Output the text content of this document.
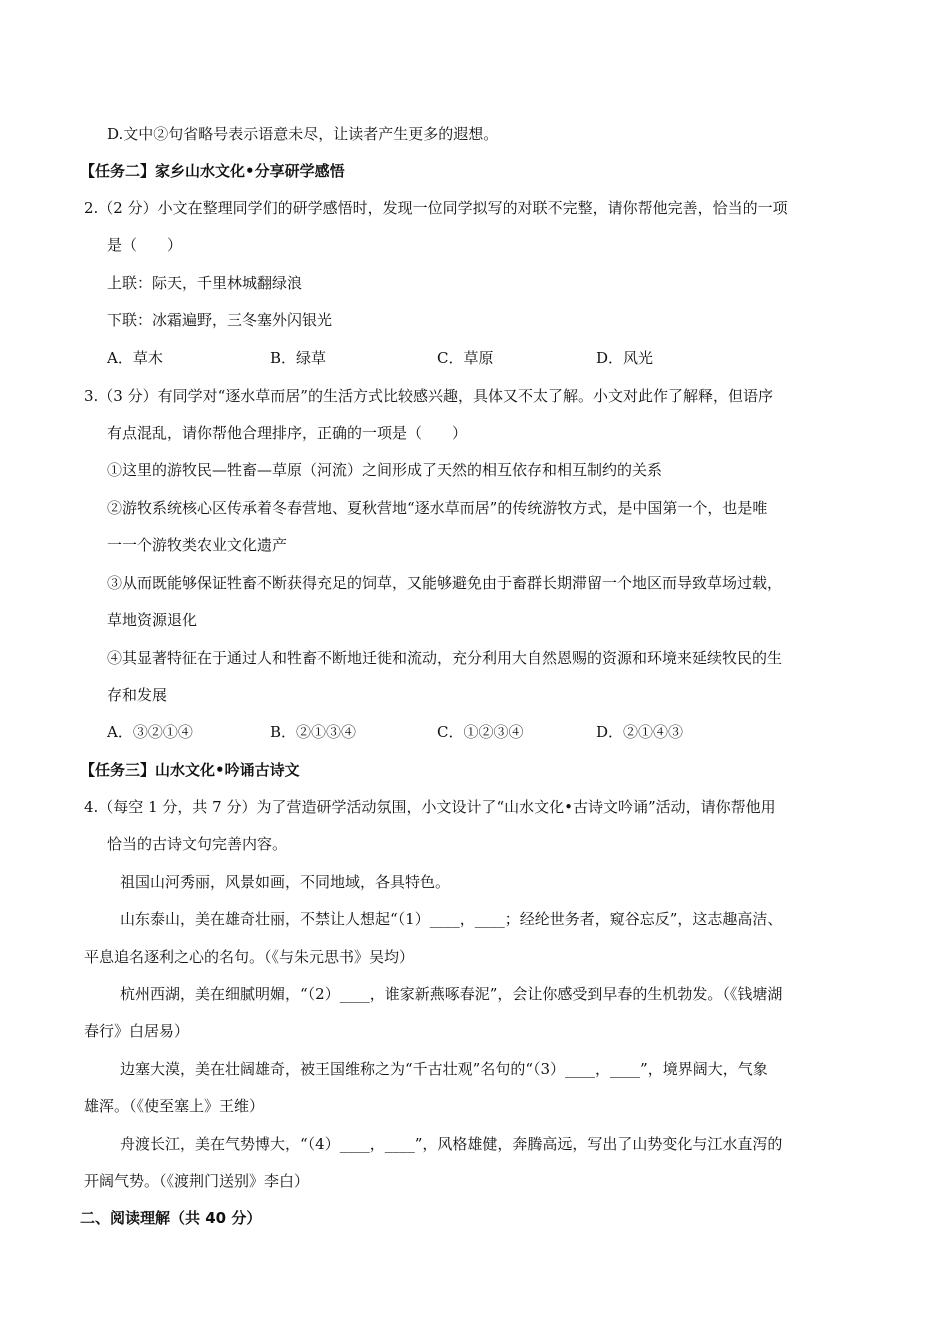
D.文中②句省略号表示语意未尽，让读者产生更多的遐想。
【任务二】家乡山水文化•分享研学感悟
2.（2 分）小文在整理同学们的研学感悟时，发现一位同学拟写的对联不完整，请你帮他完善，恰当的一项
是（　　）
上联：际天，千里林城翻绿浪
下联：冰霜遍野，三冬塞外闪银光
A．草木	B．绿草	C．草原	D．风光
3.（3 分）有同学对“逐水草而居”的生活方式比较感兴趣，具体又不太了解。小文对此作了解释，但语序
有点混乱，请你帮他合理排序，正确的一项是（　　）
①这里的游牧民—牲畜—草原（河流）之间形成了天然的相互依存和相互制约的关系
②游牧系统核心区传承着冬春营地、夏秋营地“逐水草而居”的传统游牧方式，是中国第一个，也是唯
一一个游牧类农业文化遗产
③从而既能够保证牲畜不断获得充足的饲草，又能够避免由于畜群长期滞留一个地区而导致草场过载，
草地资源退化
④其显著特征在于通过人和牲畜不断地迁徙和流动，充分利用大自然恩赐的资源和环境来延续牧民的生
存和发展
A．③②①④	B．②①③④	C．①②③④	D．②①④③
【任务三】山水文化•吟诵古诗文
4.（每空 1 分，共 7 分）为了营造研学活动氛围，小文设计了“山水文化•古诗文吟诵”活动，请你帮他用
恰当的古诗文句完善内容。
祖国山河秀丽，风景如画，不同地域，各具特色。
山东泰山，美在雄奇壮丽，不禁让人想起“（1）____，____；经纶世务者，窥谷忘反”，这志趣高洁、
平息追名逐利之心的名句。（《与朱元思书》吴均）
杭州西湖，美在细腻明媚，“（2）____，谁家新燕啄春泥”，会让你感受到早春的生机勃发。（《钱塘湖
春行》白居易）
边塞大漠，美在壮阔雄奇，被王国维称之为“千古壮观”名句的“（3）____，____”，境界阔大，气象
雄浑。（《使至塞上》王维）
舟渡长江，美在气势博大，“（4）____，____”，风格雄健，奔腾高远，写出了山势变化与江水直泻的
开阔气势。（《渡荆门送别》李白）
二、阅读理解（共 40 分）
